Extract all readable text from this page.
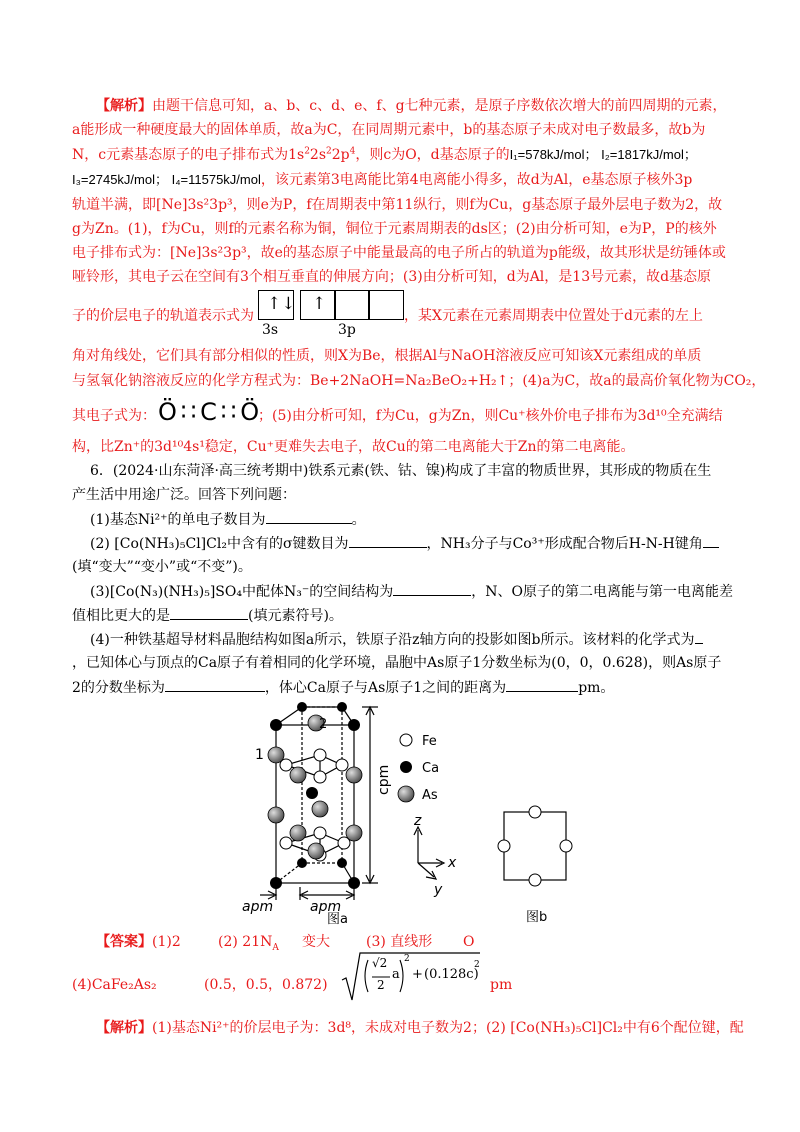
【解析】由题干信息可知，a、b、c、d、e、f、g七种元素，是原子序数依次增大的前四周期的元素，
a能形成一种硬度最大的固体单质，故a为C，在同周期元素中，b的基态原子未成对电子数最多，故b为
N，c元素基态原子的电子排布式为$1s^22s^22p^4$，则c为O，d基态原子的I₁=578kJ/mol； I₂=1817kJ/mol；
I₃=2745kJ/mol； I₄=11575kJ/mol，该元素第3电离能比第4电离能小得多，故d为Al，e基态原子核外3p
轨道半满，即[Ne]3s²3p³，则e为P，f在周期表中第11纵行，则f为Cu，g基态原子最外层电子数为2，故
g为Zn。(1)，f为Cu，则f的元素名称为铜，铜位于元素周期表的ds区；(2)由分析可知，e为P，P的核外
电子排布式为：[Ne]3s²3p³，故e的基态原子中能量最高的电子所占的轨道为p能级，故其形状是纺锤体或
哑铃形，其电子云在空间有3个相互垂直的伸展方向；(3)由分析可知，d为Al，是13号元素，故d基态原
子的价层电子的轨道表示式为
↑↓ ↑
3s	3p
，某X元素在元素周期表中位置处于d元素的左上
角对角线处，它们具有部分相似的性质，则X为Be，根据Al与NaOH溶液反应可知该X元素组成的单质
与氢氧化钠溶液反应的化学方程式为：Be+2NaOH=Na₂BeO₂+H₂↑；(4)a为C，故a的最高价氧化物为CO₂，
其电子式为： Ö∷C∷Ö
；(5)由分析可知，f为Cu，g为Zn，则Cu⁺核外价电子排布为3d¹⁰全充满结
构，比Zn⁺的3d¹⁰4s¹稳定，Cu⁺更难失去电子，故Cu的第二电离能大于Zn的第二电离能。
6．(2024·山东菏泽·高三统考期中)铁系元素(铁、钴、镍)构成了丰富的物质世界，其形成的物质在生
产生活中用途广泛。回答下列问题：
(1)基态Ni²⁺的单电子数目为	。
(2) [Co(NH₃)₅Cl]Cl₂中含有的σ键数目为	，NH₃分子与Co³⁺形成配合物后H-N-H键角
(填“变大”“变小”或“不变”)。
(3)[Co(N₃)(NH₃)₅]SO₄中配体N₃⁻的空间结构为	，N、O原子的第二电离能与第一电离能差
值相比更大的是	(填元素符号)。
(4)一种铁基超导材料晶胞结构如图a所示，铁原子沿z轴方向的投影如图b所示。该材料的化学式为
，已知体心与顶点的Ca原子有着相同的化学环境，晶胞中As原子1分数坐标为(0，0，0.628)，则As原子
2的分数坐标为	，体心Ca原子与As原子1之间的距离为	pm。
2
1
cpm
apm	apm
z
x
y
Fe
Ca
As
图a	图b
【答案】(1)2	(2) $21N_A$ 变大	(3) 直线形 O
(4)CaFe₂As₂	(0.5，0.5，0.872)
√2
2
a
2
+ (0.128c)
2
pm
【解析】(1)基态Ni²⁺的价层电子为：3d⁸，未成对电子数为2；(2) [Co(NH₃)₅Cl]Cl₂中有6个配位键，配
